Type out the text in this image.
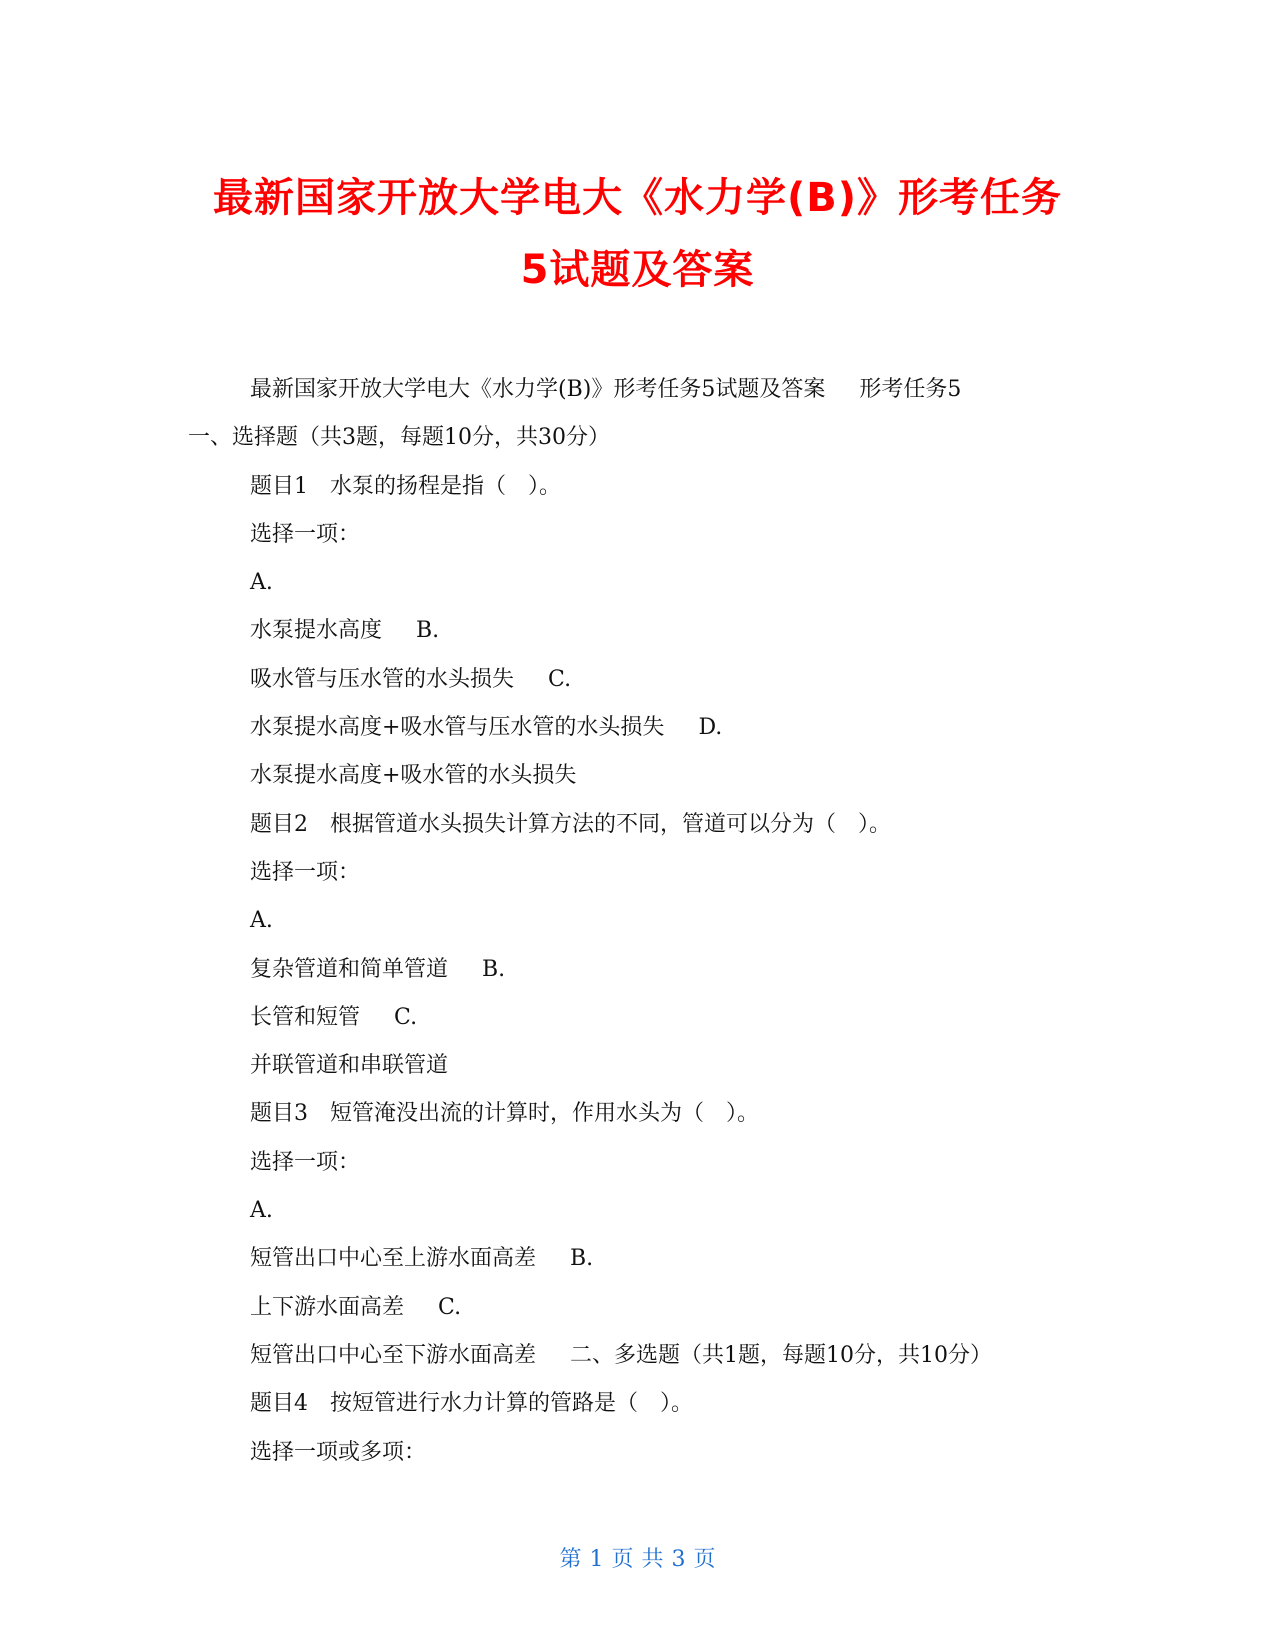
最新国家开放大学电大《水力学(B)》形考任务
5试题及答案
最新国家开放大学电大《水力学(B)》形考任务5试题及答案 形考任务5
一、选择题（共3题，每题10分，共30分）
题目1　水泵的扬程是指（　）。
选择一项：
A.
水泵提水高度 B.
吸水管与压水管的水头损失 C.
水泵提水高度+吸水管与压水管的水头损失 D.
水泵提水高度+吸水管的水头损失
题目2　根据管道水头损失计算方法的不同，管道可以分为（　）。
选择一项：
A.
复杂管道和简单管道 B.
长管和短管 C.
并联管道和串联管道
题目3　短管淹没出流的计算时，作用水头为（　）。
选择一项：
A.
短管出口中心至上游水面高差 B.
上下游水面高差 C.
短管出口中心至下游水面高差 二、多选题（共1题，每题10分，共10分）
题目4　按短管进行水力计算的管路是（　）。
选择一项或多项：
第 1 页 共 3 页
